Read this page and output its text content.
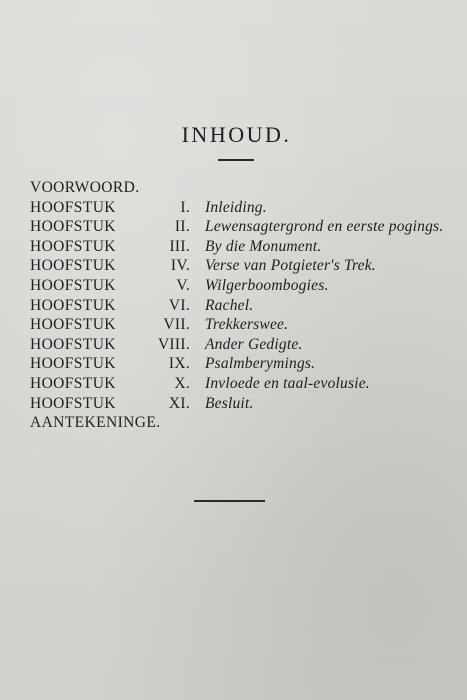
INHOUD.
VOORWOORD.
HOOFSTUK	I. Inleiding.
HOOFSTUK	II. Lewensagtergrond en eerste pogings.
HOOFSTUK	III. By die Monument.
HOOFSTUK	IV. Verse van Potgieter's Trek.
HOOFSTUK	V. Wilgerboombogies.
HOOFSTUK	VI. Rachel.
HOOFSTUK	VII. Trekkerswee.
HOOFSTUK	VIII. Ander Gedigte.
HOOFSTUK	IX. Psalmberymings.
HOOFSTUK	X. Invloede en taal-evolusie.
HOOFSTUK	XI. Besluit.
AANTEKENINGE.
